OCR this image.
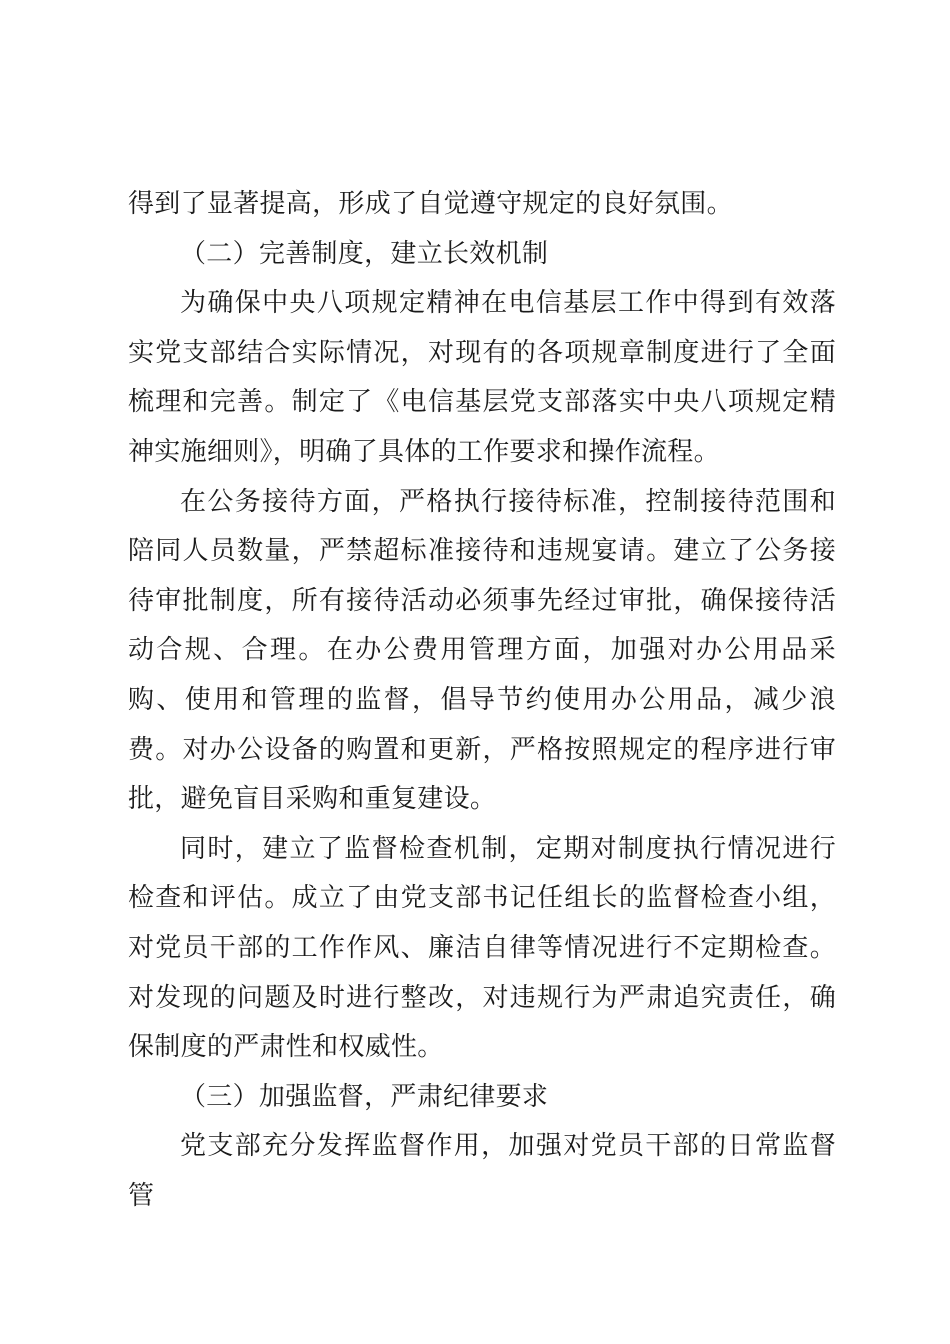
得到了显著提高，形成了自觉遵守规定的良好氛围。

（二）完善制度，建立长效机制

为确保中央八项规定精神在电信基层工作中得到有效落实党支部结合实际情况，对现有的各项规章制度进行了全面梳理和完善。制定了《电信基层党支部落实中央八项规定精神实施细则》，明确了具体的工作要求和操作流程。

在公务接待方面，严格执行接待标准，控制接待范围和陪同人员数量，严禁超标准接待和违规宴请。建立了公务接待审批制度，所有接待活动必须事先经过审批，确保接待活动合规、合理。在办公费用管理方面，加强对办公用品采购、使用和管理的监督，倡导节约使用办公用品，减少浪费。对办公设备的购置和更新，严格按照规定的程序进行审批，避免盲目采购和重复建设。

同时，建立了监督检查机制，定期对制度执行情况进行检查和评估。成立了由党支部书记任组长的监督检查小组，对党员干部的工作作风、廉洁自律等情况进行不定期检查。对发现的问题及时进行整改，对违规行为严肃追究责任，确保制度的严肃性和权威性。

（三）加强监督，严肃纪律要求

党支部充分发挥监督作用，加强对党员干部的日常监督管
